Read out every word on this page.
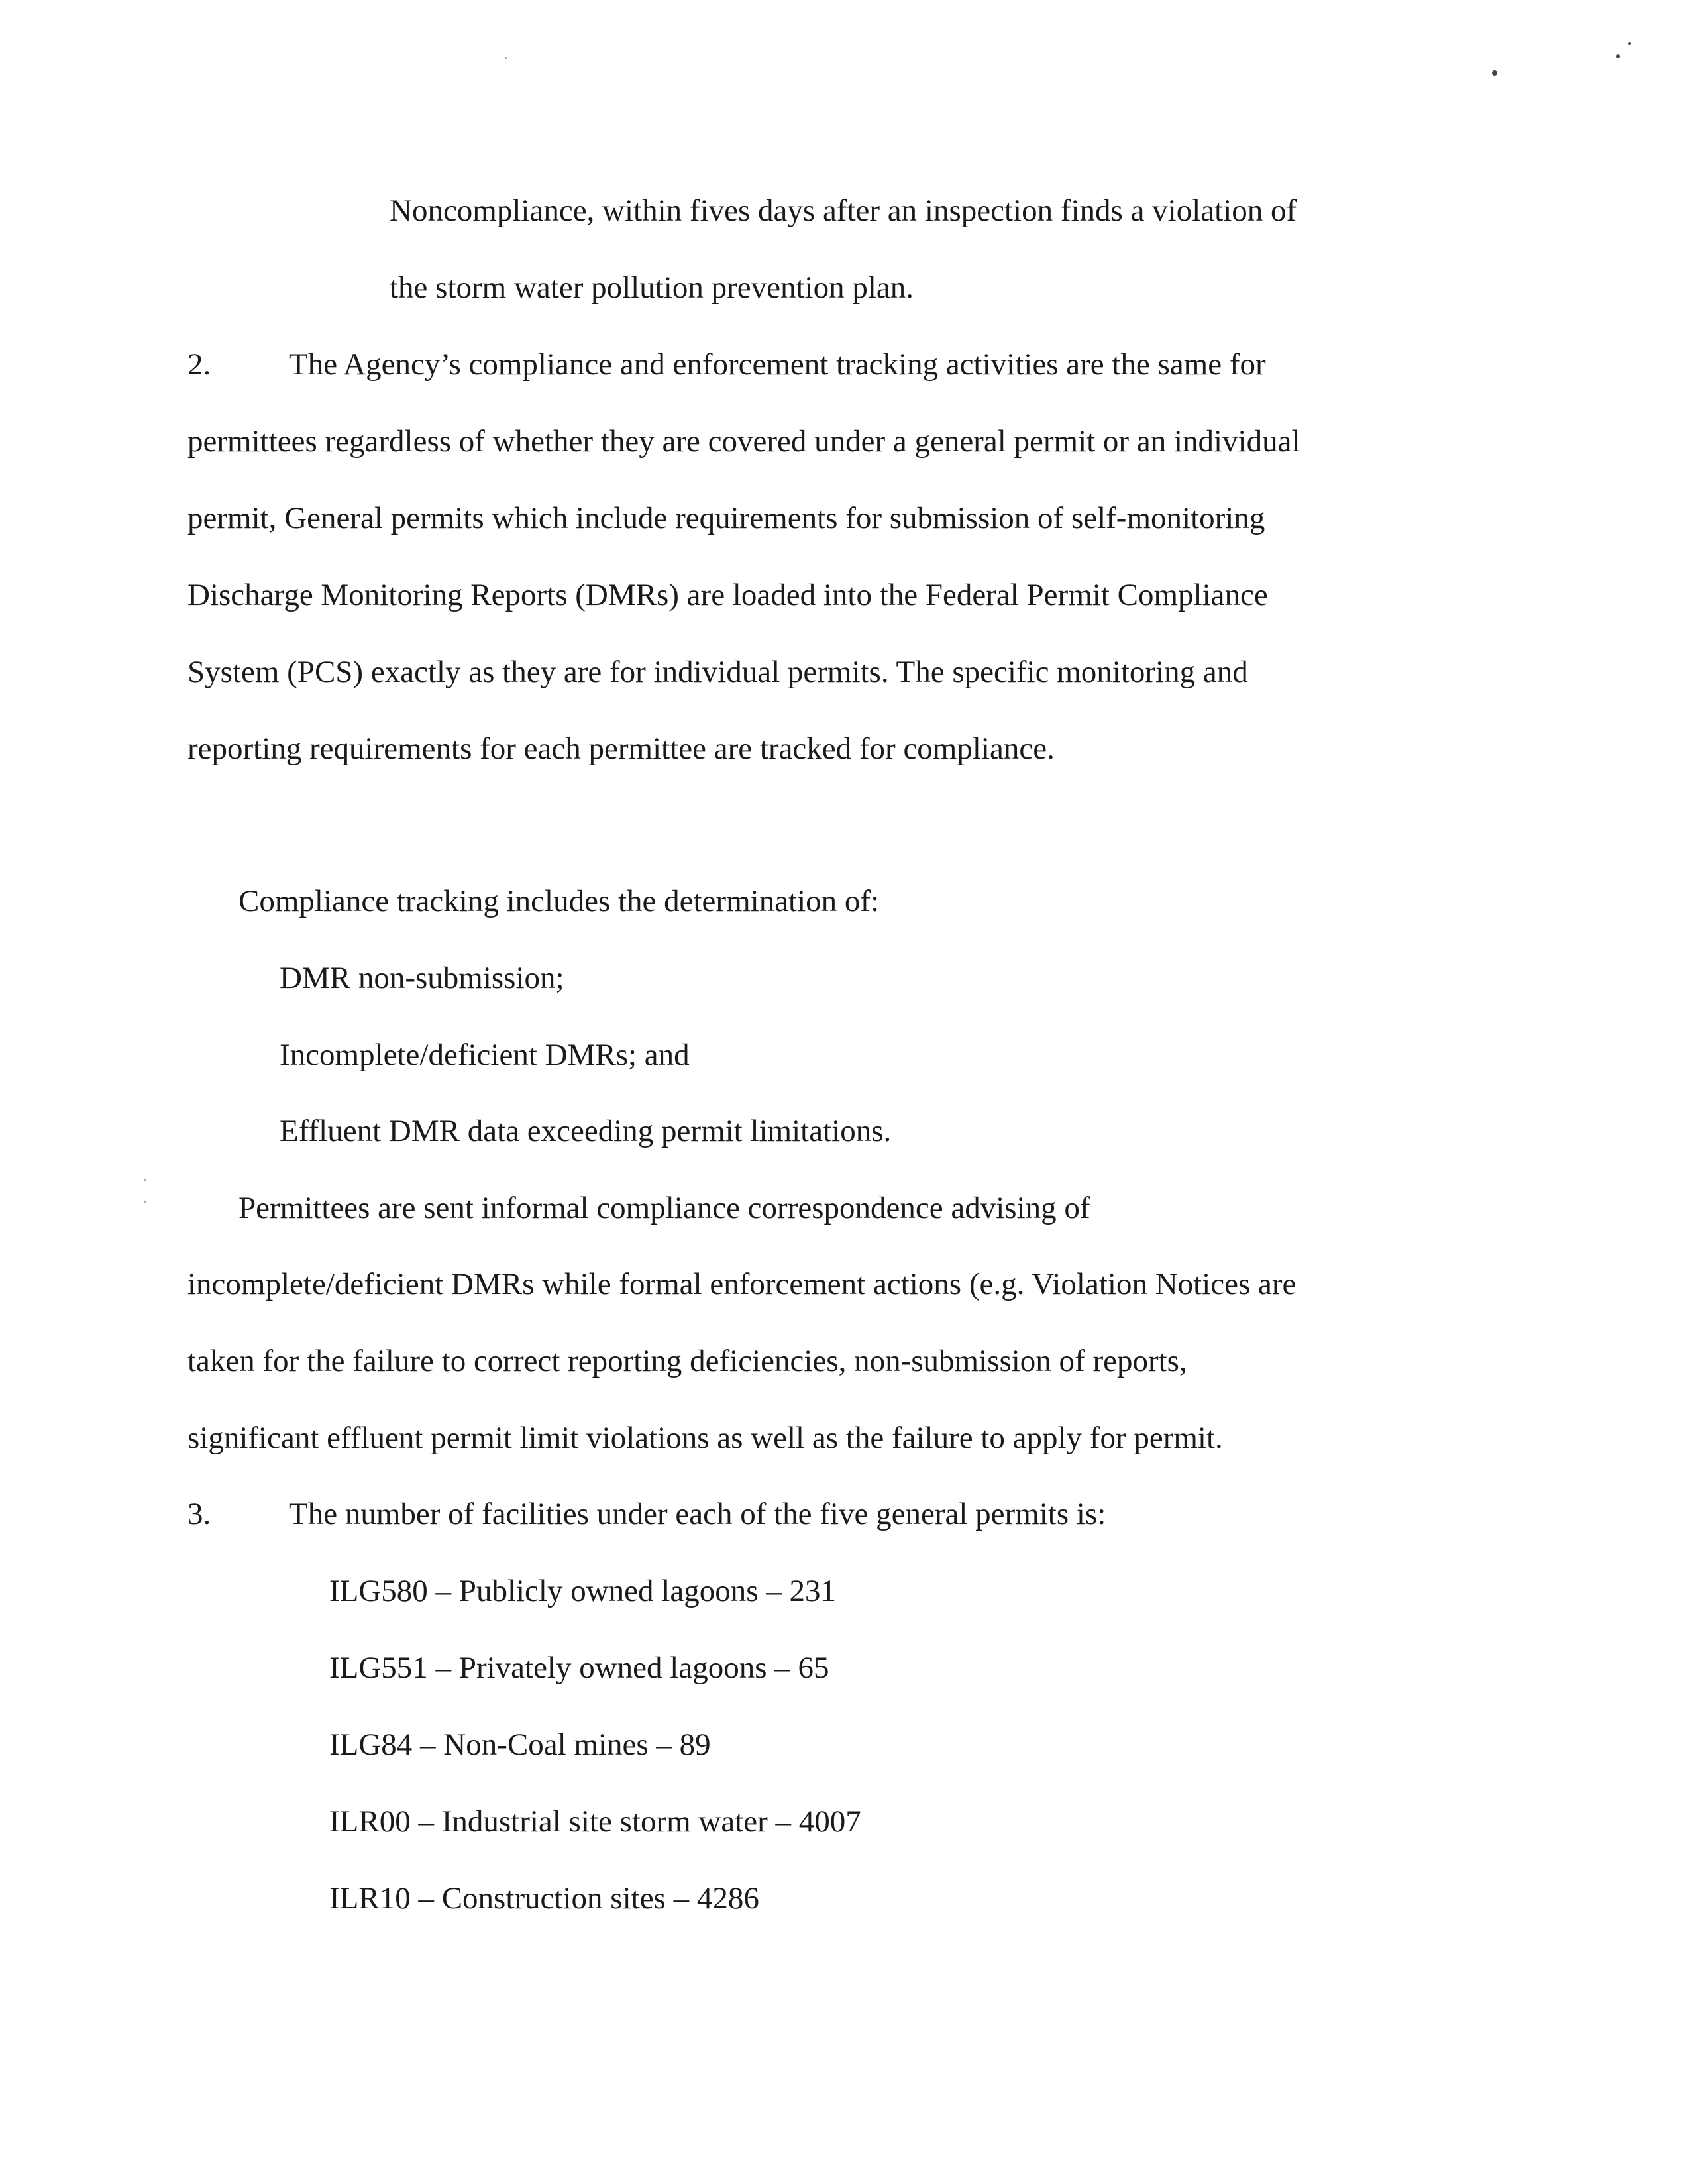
Noncompliance, within fives days after an inspection finds a violation of
the storm water pollution prevention plan.
2.	The Agency’s compliance and enforcement tracking activities are the same for
permittees regardless of whether they are covered under a general permit or an individual
permit, General permits which include requirements for submission of self-monitoring
Discharge Monitoring Reports (DMRs) are loaded into the Federal Permit Compliance
System (PCS) exactly as they are for individual permits. The specific monitoring and
reporting requirements for each permittee are tracked for compliance.
Compliance tracking includes the determination of:
DMR non-submission;
Incomplete/deficient DMRs; and
Effluent DMR data exceeding permit limitations.
Permittees are sent informal compliance correspondence advising of
incomplete/deficient DMRs while formal enforcement actions (e.g. Violation Notices are
taken for the failure to correct reporting deficiencies, non-submission of reports,
significant effluent permit limit violations as well as the failure to apply for permit.
3.	The number of facilities under each of the five general permits is:
ILG580 – Publicly owned lagoons – 231
ILG551 – Privately owned lagoons – 65
ILG84 – Non-Coal mines – 89
ILR00 – Industrial site storm water – 4007
ILR10 – Construction sites – 4286
